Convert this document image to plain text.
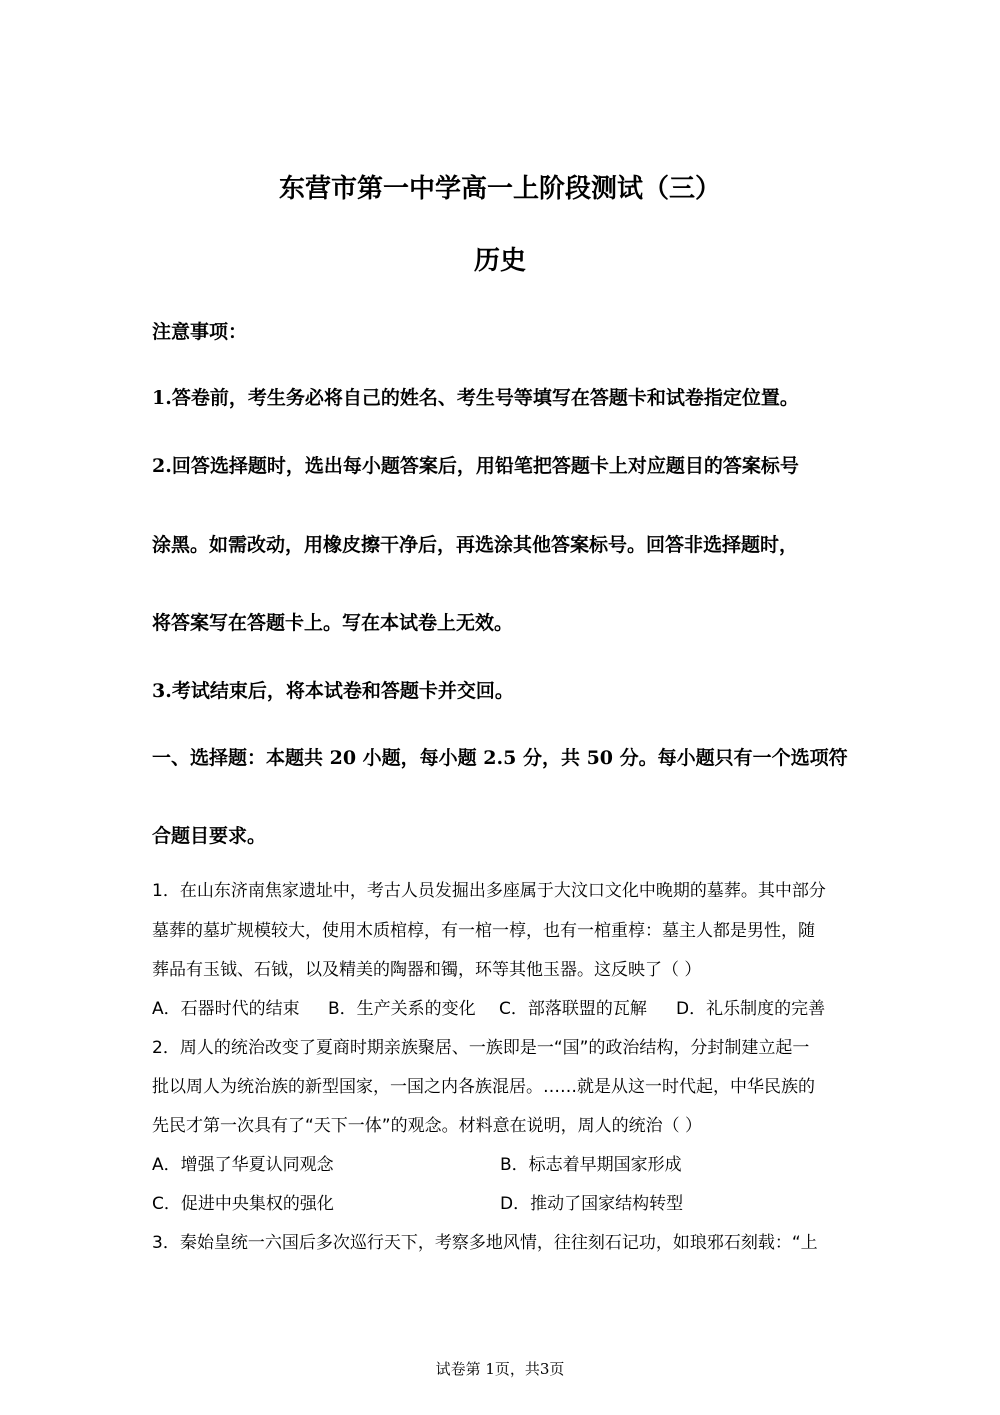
东营市第一中学高一上阶段测试（三）
历史
注意事项：
1.答卷前，考生务必将自己的姓名、考生号等填写在答题卡和试卷指定位置。
2.回答选择题时，选出每小题答案后，用铅笔把答题卡上对应题目的答案标号
涂黑。如需改动，用橡皮擦干净后，再选涂其他答案标号。回答非选择题时，
将答案写在答题卡上。写在本试卷上无效。
3.考试结束后，将本试卷和答题卡并交回。
一、选择题：本题共 20 小题，每小题 2.5 分，共 50 分。每小题只有一个选项符
合题目要求。
1．在山东济南焦家遗址中，考古人员发掘出多座属于大汶口文化中晚期的墓葬。其中部分
墓葬的墓圹规模较大，使用木质棺椁，有一棺一椁，也有一棺重椁：墓主人都是男性，随
葬品有玉钺、石钺，以及精美的陶器和镯，环等其他玉器。这反映了（ ）
A．石器时代的结束 B．生产关系的变化 C．部落联盟的瓦解 D．礼乐制度的完善
2．周人的统治改变了夏商时期亲族聚居、一族即是一“国”的政治结构，分封制建立起一
批以周人为统治族的新型国家，一国之内各族混居。……就是从这一时代起，中华民族的
先民才第一次具有了“天下一体”的观念。材料意在说明，周人的统治（ ）
A．增强了华夏认同观念	B．标志着早期国家形成
C．促进中央集权的强化	D．推动了国家结构转型
3．秦始皇统一六国后多次巡行天下，考察多地风情，往往刻石记功，如琅邪石刻载：“上
试卷第 1页，共3页
